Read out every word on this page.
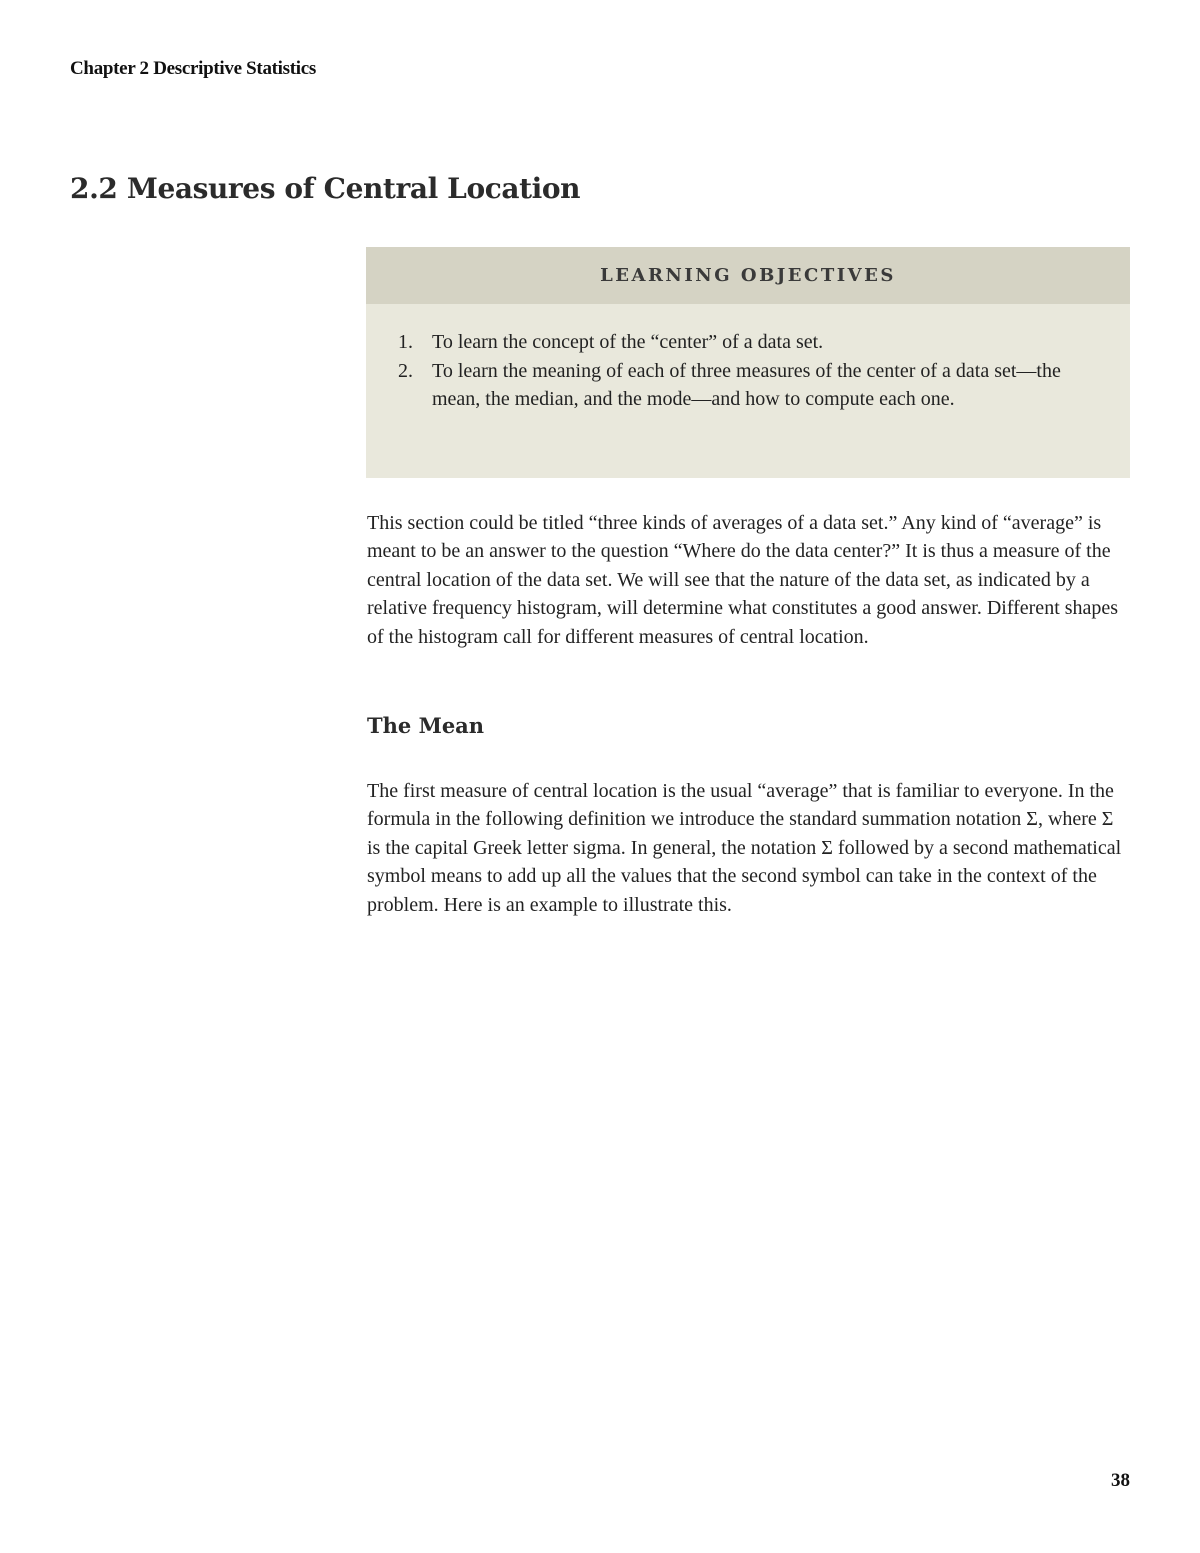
Chapter 2 Descriptive Statistics
2.2 Measures of Central Location
LEARNING OBJECTIVES
1. To learn the concept of the “center” of a data set.
2. To learn the meaning of each of three measures of the center of a data set—the mean, the median, and the mode—and how to compute each one.

This section could be titled “three kinds of averages of a data set.” Any kind of “average” is meant to be an answer to the question “Where do the data center?” It is thus a measure of the central location of the data set. We will see that the nature of the data set, as indicated by a relative frequency histogram, will determine what constitutes a good answer. Different shapes of the histogram call for different measures of central location.

The Mean

The first measure of central location is the usual “average” that is familiar to everyone. In the formula in the following definition we introduce the standard summation notation Σ, where Σ is the capital Greek letter sigma. In general, the notation Σ followed by a second mathematical symbol means to add up all the values that the second symbol can take in the context of the problem. Here is an example to illustrate this.

38
